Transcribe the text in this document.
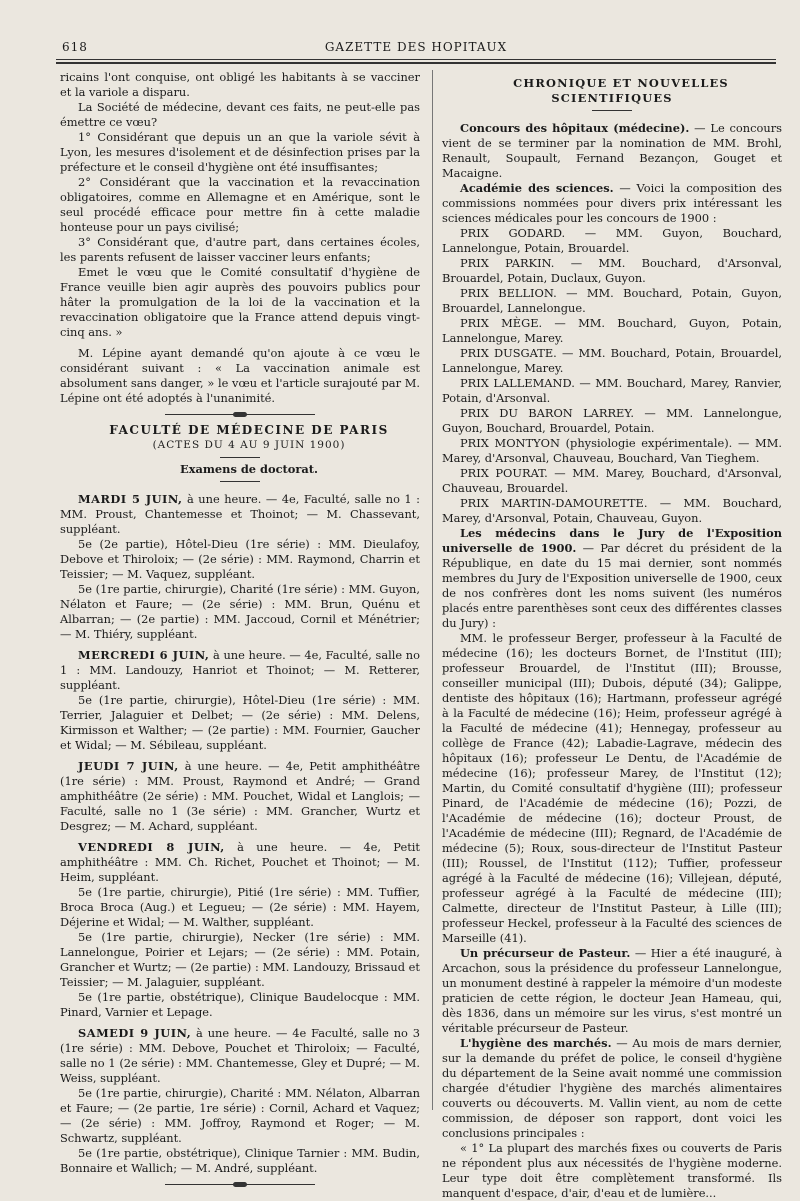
618	GAZETTE DES HOPITAUX

ricains l'ont conquise, ont obligé les habitants à se vacciner et la variole a disparu.

La Société de médecine, devant ces faits, ne peut-elle pas émettre ce vœu?

1° Considérant que depuis un an que la variole sévit à Lyon, les mesures d'isolement et de désinfection prises par la préfecture et le conseil d'hygiène ont été insuffisantes;

2° Considérant que la vaccination et la revaccination obligatoires, comme en Allemagne et en Amérique, sont le seul procédé efficace pour mettre fin à cette maladie honteuse pour un pays civilisé;

3° Considérant que, d'autre part, dans certaines écoles, les parents refusent de laisser vacciner leurs enfants;

Emet le vœu que le Comité consultatif d'hygiène de France veuille bien agir auprès des pouvoirs publics pour hâter la promulgation de la loi de la vaccination et la revaccination obligatoire que la France attend depuis vingt-cinq ans. »

M. Lépine ayant demandé qu'on ajoute à ce vœu le considérant suivant : « La vaccination animale est absolument sans danger, » le vœu et l'article surajouté par M. Lépine ont été adoptés à l'unanimité.

FACULTÉ DE MÉDECINE DE PARIS

(ACTES DU 4 AU 9 JUIN 1900)

Examens de doctorat.

MARDI 5 JUIN, à une heure. — 4e, Faculté, salle no 1 : MM. Proust, Chantemesse et Thoinot; — M. Chassevant, suppléant.

5e (2e partie), Hôtel-Dieu (1re série) : MM. Dieulafoy, Debove et Thiroloix; — (2e série) : MM. Raymond, Charrin et Teissier; — M. Vaquez, suppléant.

5e (1re partie, chirurgie), Charité (1re série) : MM. Guyon, Nélaton et Faure; — (2e série) : MM. Brun, Quénu et Albarran; — (2e partie) : MM. Jaccoud, Cornil et Ménétrier; — M. Thiéry, suppléant.

MERCREDI 6 JUIN, à une heure. — 4e, Faculté, salle no 1 : MM. Landouzy, Hanriot et Thoinot; — M. Retterer, suppléant.

5e (1re partie, chirurgie), Hôtel-Dieu (1re série) : MM. Terrier, Jalaguier et Delbet; — (2e série) : MM. Delens, Kirmisson et Walther; — (2e partie) : MM. Fournier, Gaucher et Widal; — M. Sébileau, suppléant.

JEUDI 7 JUIN, à une heure. — 4e, Petit amphithéâtre (1re série) : MM. Proust, Raymond et André; — Grand amphithéâtre (2e série) : MM. Pouchet, Widal et Langlois; — Faculté, salle no 1 (3e série) : MM. Grancher, Wurtz et Desgrez; — M. Achard, suppléant.

VENDREDI 8 JUIN, à une heure. — 4e, Petit amphithéâtre : MM. Ch. Richet, Pouchet et Thoinot; — M. Heim, suppléant.

5e (1re partie, chirurgie), Pitié (1re série) : MM. Tuffier, Broca Broca (Aug.) et Legueu; — (2e série) : MM. Hayem, Déjerine et Widal; — M. Walther, suppléant.

5e (1re partie, chirurgie), Necker (1re série) : MM. Lannelongue, Poirier et Lejars; — (2e série) : MM. Potain, Grancher et Wurtz; — (2e partie) : MM. Landouzy, Brissaud et Teissier; — M. Jalaguier, suppléant.

5e (1re partie, obstétrique), Clinique Baudelocque : MM. Pinard, Varnier et Lepage.

SAMEDI 9 JUIN, à une heure. — 4e Faculté, salle no 3 (1re série) : MM. Debove, Pouchet et Thiroloix; — Faculté, salle no 1 (2e série) : MM. Chantemesse, Gley et Dupré; — M. Weiss, suppléant.

5e (1re partie, chirurgie), Charité : MM. Nélaton, Albarran et Faure; — (2e partie, 1re série) : Cornil, Achard et Vaquez; — (2e série) : MM. Joffroy, Raymond et Roger; — M. Schwartz, suppléant.

5e (1re partie, obstétrique), Clinique Tarnier : MM. Budin, Bonnaire et Wallich; — M. André, suppléant.

CHRONIQUE ET NOUVELLES SCIENTIFIQUES

Concours des hôpitaux (médecine). — Le concours vient de se terminer par la nomination de MM. Brohl, Renault, Soupault, Fernand Bezançon, Gouget et Macaigne.

Académie des sciences. — Voici la composition des commissions nommées pour divers prix intéressant les sciences médicales pour les concours de 1900 :

PRIX GODARD. — MM. Guyon, Bouchard, Lannelongue, Potain, Brouardel.

PRIX PARKIN. — MM. Bouchard, d'Arsonval, Brouardel, Potain, Duclaux, Guyon.

PRIX BELLION. — MM. Bouchard, Potain, Guyon, Brouardel, Lannelongue.

PRIX MÈGE. — MM. Bouchard, Guyon, Potain, Lannelongue, Marey.

PRIX DUSGATE. — MM. Bouchard, Potain, Brouardel, Lannelongue, Marey.

PRIX LALLEMAND. — MM. Bouchard, Marey, Ranvier, Potain, d'Arsonval.

PRIX DU BARON LARREY. — MM. Lannelongue, Guyon, Bouchard, Brouardel, Potain.

PRIX MONTYON (physiologie expérimentale). — MM. Marey, d'Arsonval, Chauveau, Bouchard, Van Tieghem.

PRIX POURAT. — MM. Marey, Bouchard, d'Arsonval, Chauveau, Brouardel.

PRIX MARTIN-DAMOURETTE. — MM. Bouchard, Marey, d'Arsonval, Potain, Chauveau, Guyon.

Les médecins dans le Jury de l'Exposition universelle de 1900. — Par décret du président de la République, en date du 15 mai dernier, sont nommés membres du Jury de l'Exposition universelle de 1900, ceux de nos confrères dont les noms suivent (les numéros placés entre parenthèses sont ceux des différentes classes du Jury) :

MM. le professeur Berger, professeur à la Faculté de médecine (16); les docteurs Bornet, de l'Institut (III); professeur Brouardel, de l'Institut (III); Brousse, conseiller municipal (III); Dubois, député (34); Galippe, dentiste des hôpitaux (16); Hartmann, professeur agrégé à la Faculté de médecine (16); Heim, professeur agrégé à la Faculté de médecine (41); Hennegay, professeur au collège de France (42); Labadie-Lagrave, médecin des hôpitaux (16); professeur Le Dentu, de l'Académie de médecine (16); professeur Marey, de l'Institut (12); Martin, du Comité consultatif d'hygiène (III); professeur Pinard, de l'Académie de médecine (16); Pozzi, de l'Académie de médecine (16); docteur Proust, de l'Académie de médecine (III); Regnard, de l'Académie de médecine (5); Roux, sous-directeur de l'Institut Pasteur (III); Roussel, de l'Institut (112); Tuffier, professeur agrégé à la Faculté de médecine (16); Villejean, député, professeur agrégé à la Faculté de médecine (III); Calmette, directeur de l'Institut Pasteur, à Lille (III); professeur Heckel, professeur à la Faculté des sciences de Marseille (41).

Un précurseur de Pasteur. — Hier a été inauguré, à Arcachon, sous la présidence du professeur Lannelongue, un monument destiné à rappeler la mémoire d'un modeste praticien de cette région, le docteur Jean Hameau, qui, dès 1836, dans un mémoire sur les virus, s'est montré un véritable précurseur de Pasteur.

L'hygiène des marchés. — Au mois de mars dernier, sur la demande du préfet de police, le conseil d'hygiène du département de la Seine avait nommé une commission chargée d'étudier l'hygiène des marchés alimentaires couverts ou découverts. M. Vallin vient, au nom de cette commission, de déposer son rapport, dont voici les conclusions principales :

« 1° La plupart des marchés fixes ou couverts de Paris ne répondent plus aux nécessités de l'hygiène moderne. Leur type doit être complètement transformé. Ils manquent d'espace, d'air, d'eau et de lumière...
